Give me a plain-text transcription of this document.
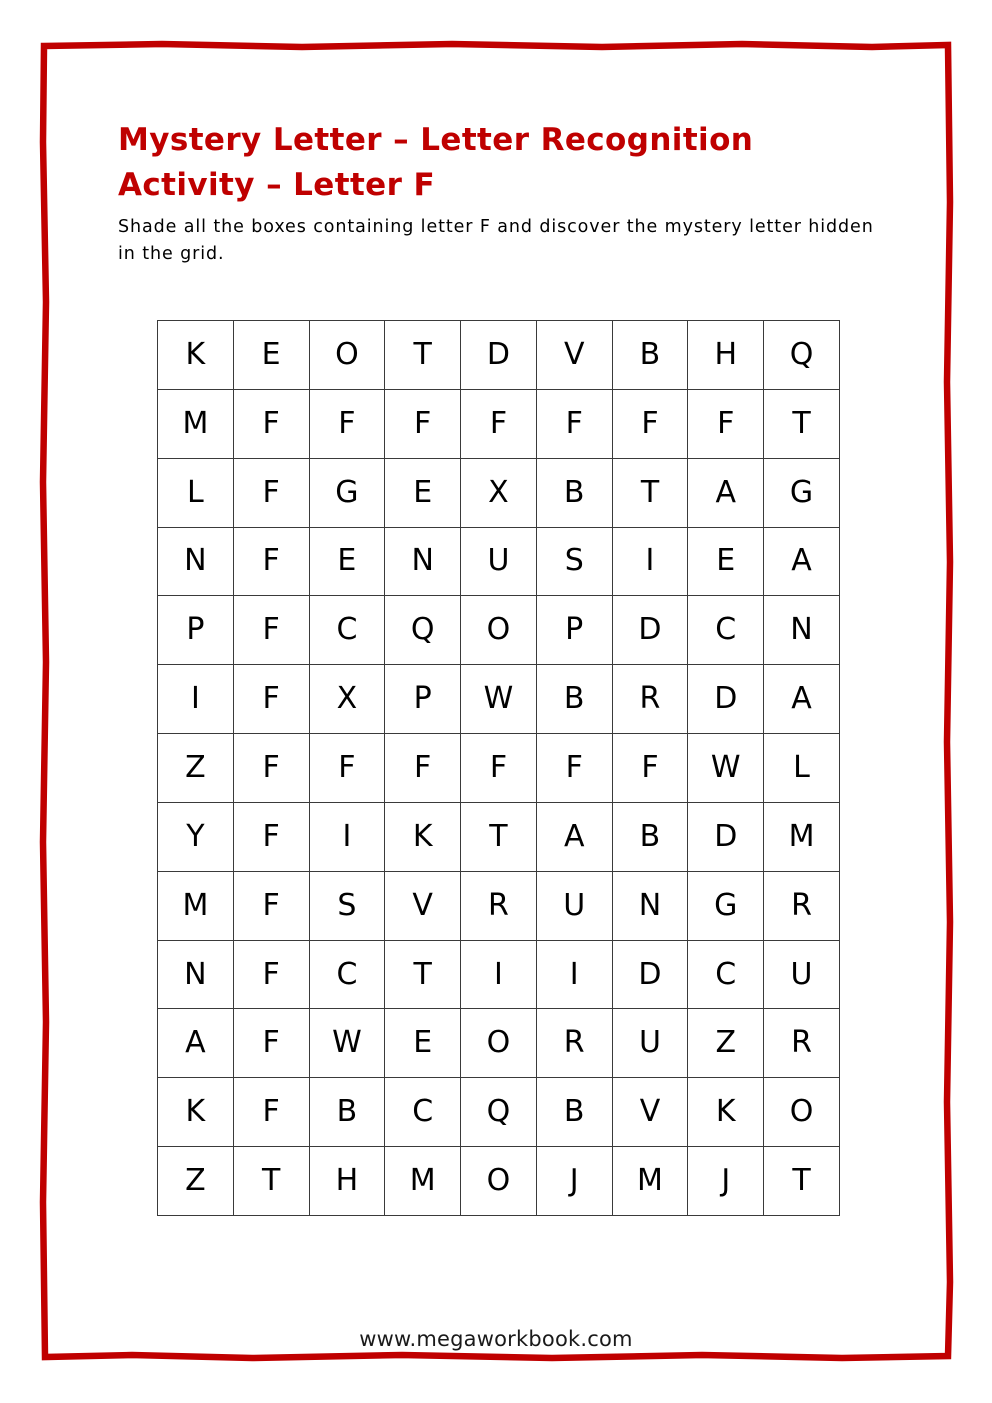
Mystery Letter – Letter Recognition Activity – Letter F

Shade all the boxes containing letter F and discover the mystery letter hidden in the grid.

K	E	O	T	D	V	B	H	Q
M	F	F	F	F	F	F	F	T
L	F	G	E	X	B	T	A	G
N	F	E	N	U	S	I	E	A
P	F	C	Q	O	P	D	C	N
I	F	X	P	W	B	R	D	A
Z	F	F	F	F	F	F	W	L
Y	F	I	K	T	A	B	D	M
M	F	S	V	R	U	N	G	R
N	F	C	T	I	I	D	C	U
A	F	W	E	O	R	U	Z	R
K	F	B	C	Q	B	V	K	O
Z	T	H	M	O	J	M	J	T
www.megaworkbook.com
